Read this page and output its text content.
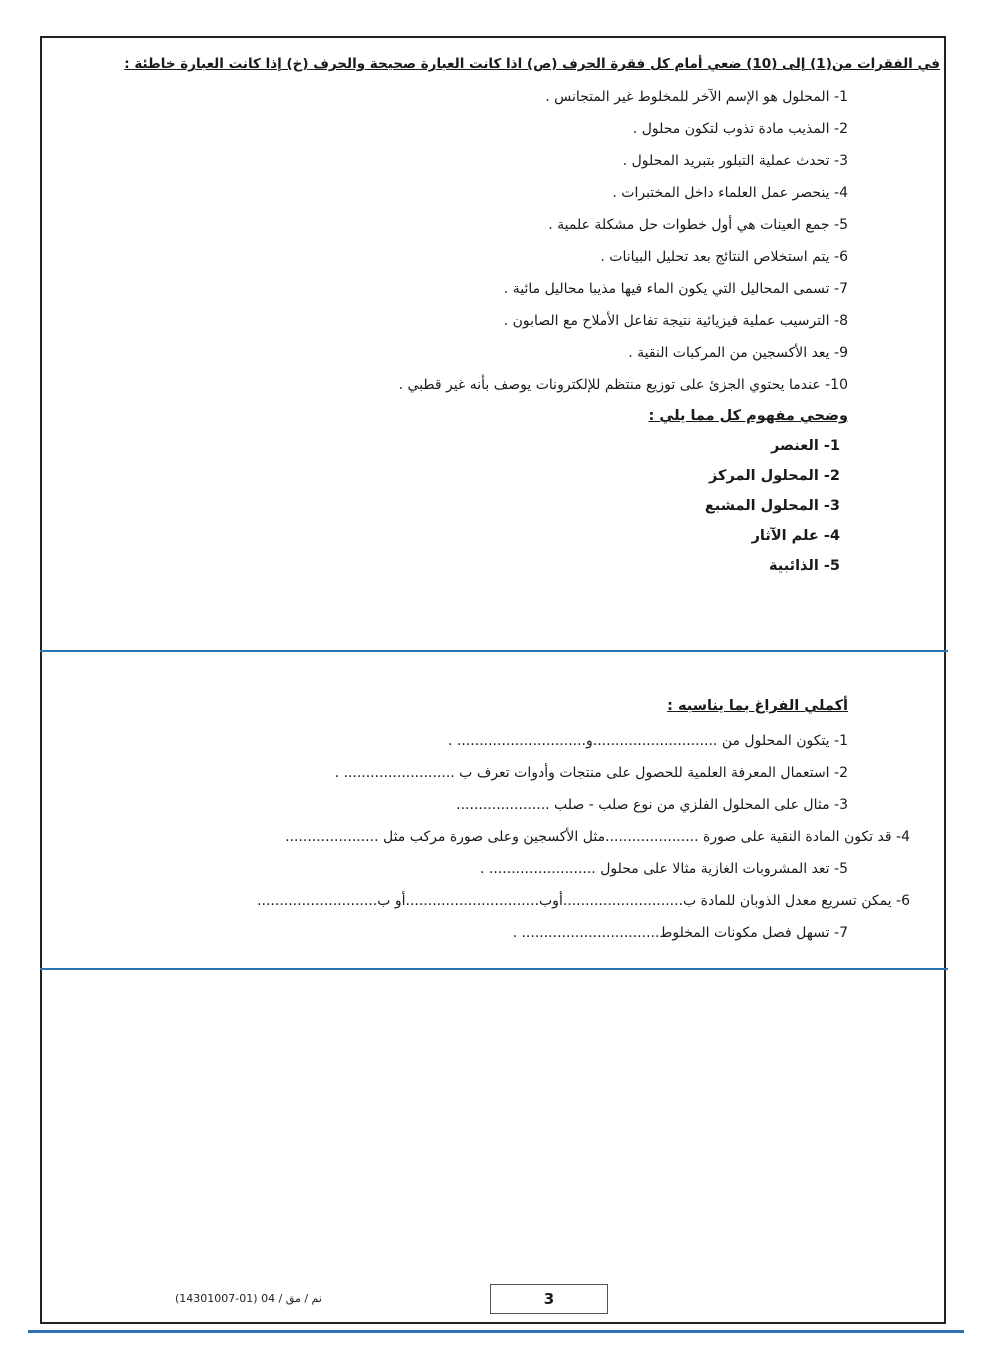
في الفقرات من(1) إلى (10) ضعي أمام كل فقرة الحرف (ص) اذا كانت العبارة صحيحة والحرف (خ) إذا كانت العبارة خاطئة :

1- المحلول هو الإسم الآخر للمخلوط غير المتجانس .

2- المذيب مادة تذوب لتكون محلول .

3- تحدث عملية التبلور بتبريد المحلول .

4- ينحصر عمل العلماء داخل المختبرات .

5- جمع العينات هي أول خطوات حل مشكلة علمية .

6- يتم استخلاص النتائج بعد تحليل البيانات .

7- تسمى المحاليل التي يكون الماء فيها مذيبا محاليل مائية .

8- الترسيب عملية فيزيائية نتيجة تفاعل الأملاح مع الصابون .

9- يعد الأكسجين من المركبات النقية .

10- عندما يحتوي الجزئ على توزيع منتظم للإلكترونات يوصف بأنه غير قطبي .

وضحي مفهوم كل مما يلي :

1- العنصر

2- المحلول المركز

3- المحلول المشبع

4- علم الآثار

5- الذائبية

أكملي الفراغ بما يناسبه :

1- يتكون المحلول من ............................و............................. .

2- استعمال المعرفة العلمية للحصول على منتجات وأدوات تعرف ب ......................... .

3- مثال على المحلول الفلزي من نوع صلب - صلب .....................

4- قد تكون المادة النقية على صورة .....................مثل الأكسجين وعلى صورة مركب مثل .....................

5- تعد المشروبات الغازية مثالا على محلول ........................ .

6- يمكن تسريع معدل الذوبان للمادة ب...........................أوب..............................أو ب...........................

7- تسهل فصل مكونات المخلوط............................... .

نم / مق / 04 (01-14301007)	3
